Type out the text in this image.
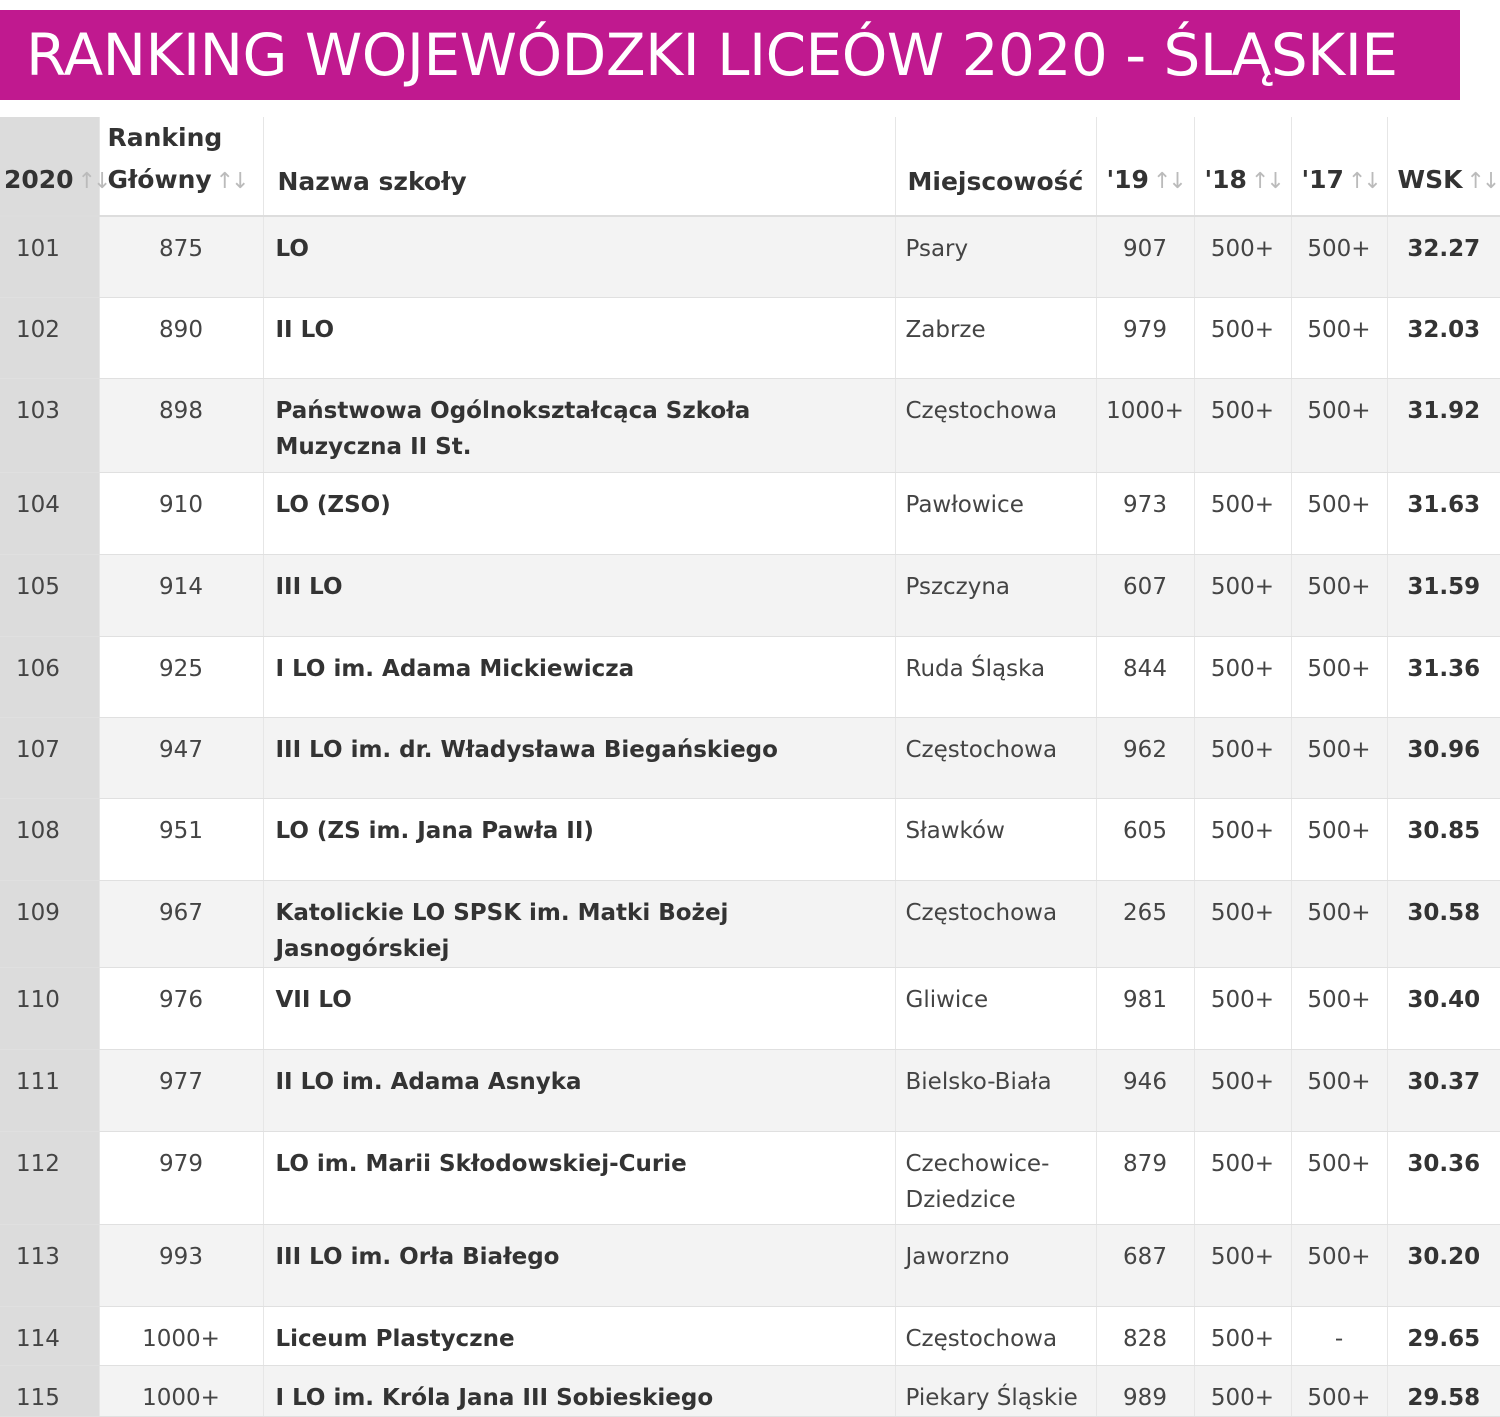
RANKING WOJEWÓDZKI LICEÓW 2020 - ŚLĄSKIE
2020 ↑↓	Ranking Główny ↑↓	Nazwa szkoły	Miejscowość	'19 ↑↓	'18 ↑↓	'17 ↑↓	WSK ↑↓
101	875	LO	Psary	907	500+	500+	32.27
102	890	II LO	Zabrze	979	500+	500+	32.03
103	898	Państwowa Ogólnokształcąca Szkoła Muzyczna II St.	Częstochowa	1000+	500+	500+	31.92
104	910	LO (ZSO)	Pawłowice	973	500+	500+	31.63
105	914	III LO	Pszczyna	607	500+	500+	31.59
106	925	I LO im. Adama Mickiewicza	Ruda Śląska	844	500+	500+	31.36
107	947	III LO im. dr. Władysława Biegańskiego	Częstochowa	962	500+	500+	30.96
108	951	LO (ZS im. Jana Pawła II)	Sławków	605	500+	500+	30.85
109	967	Katolickie LO SPSK im. Matki Bożej Jasnogórskiej	Częstochowa	265	500+	500+	30.58
110	976	VII LO	Gliwice	981	500+	500+	30.40
111	977	II LO im. Adama Asnyka	Bielsko-Biała	946	500+	500+	30.37
112	979	LO im. Marii Skłodowskiej-Curie	Czechowice-Dziedzice	879	500+	500+	30.36
113	993	III LO im. Orła Białego	Jaworzno	687	500+	500+	30.20
114	1000+	Liceum Plastyczne	Częstochowa	828	500+	-	29.65
115	1000+	I LO im. Króla Jana III Sobieskiego	Piekary Śląskie	989	500+	500+	29.58
